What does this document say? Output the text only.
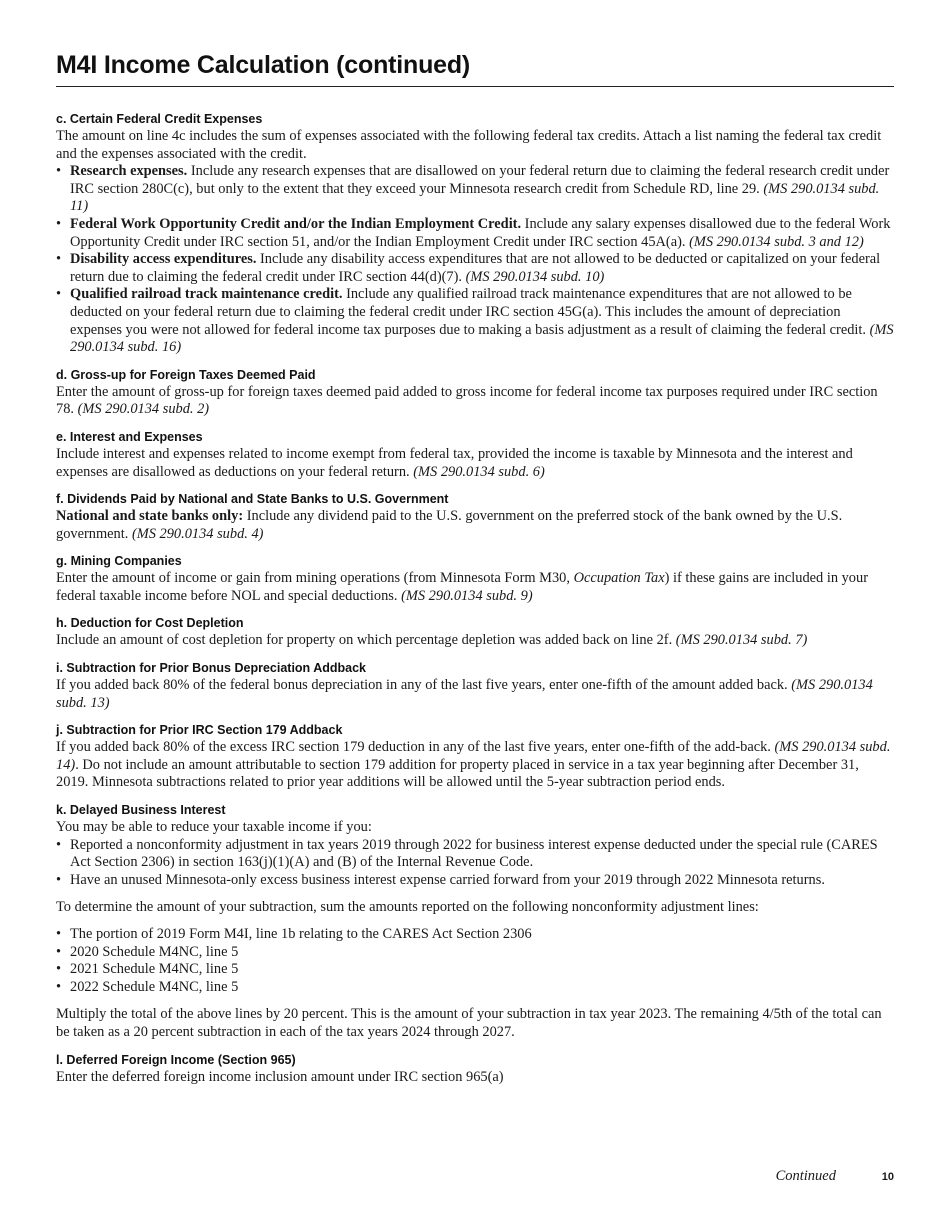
M4I Income Calculation (continued)

c. Certain Federal Credit Expenses

The amount on line 4c includes the sum of expenses associated with the following federal tax credits. Attach a list naming the federal tax credit and the expenses associated with the credit.

• Research expenses. Include any research expenses that are disallowed on your federal return due to claiming the federal research credit under IRC section 280C(c), but only to the extent that they exceed your Minnesota research credit from Schedule RD, line 29. (MS 290.0134 subd. 11)
• Federal Work Opportunity Credit and/or the Indian Employment Credit. Include any salary expenses disallowed due to the federal Work Opportunity Credit under IRC section 51, and/or the Indian Employment Credit under IRC section 45A(a). (MS 290.0134 subd. 3 and 12)
• Disability access expenditures. Include any disability access expenditures that are not allowed to be deducted or capitalized on your federal return due to claiming the federal credit under IRC section 44(d)(7). (MS 290.0134 subd. 10)
• Qualified railroad track maintenance credit. Include any qualified railroad track maintenance expenditures that are not allowed to be deducted on your federal return due to claiming the federal credit under IRC section 45G(a). This includes the amount of depreciation expenses you were not allowed for federal income tax purposes due to making a basis adjustment as a result of claiming the federal credit. (MS 290.0134 subd. 16)

d. Gross-up for Foreign Taxes Deemed Paid

Enter the amount of gross-up for foreign taxes deemed paid added to gross income for federal income tax purposes required under IRC section 78. (MS 290.0134 subd. 2)

e. Interest and Expenses

Include interest and expenses related to income exempt from federal tax, provided the income is taxable by Minnesota and the interest and expenses are disallowed as deductions on your federal return. (MS 290.0134 subd. 6)

f. Dividends Paid by National and State Banks to U.S. Government

National and state banks only: Include any dividend paid to the U.S. government on the preferred stock of the bank owned by the U.S. government. (MS 290.0134 subd. 4)

g. Mining Companies

Enter the amount of income or gain from mining operations (from Minnesota Form M30, Occupation Tax) if these gains are included in your federal taxable income before NOL and special deductions. (MS 290.0134 subd. 9)

h. Deduction for Cost Depletion

Include an amount of cost depletion for property on which percentage depletion was added back on line 2f. (MS 290.0134 subd. 7)

i. Subtraction for Prior Bonus Depreciation Addback

If you added back 80% of the federal bonus depreciation in any of the last five years, enter one-fifth of the amount added back. (MS 290.0134 subd. 13)

j. Subtraction for Prior IRC Section 179 Addback

If you added back 80% of the excess IRC section 179 deduction in any of the last five years, enter one-fifth of the add-back. (MS 290.0134 subd. 14). Do not include an amount attributable to section 179 addition for property placed in service in a tax year beginning after December 31, 2019. Minnesota subtractions related to prior year additions will be allowed until the 5-year subtraction period ends.

k. Delayed Business Interest

You may be able to reduce your taxable income if you:

• Reported a nonconformity adjustment in tax years 2019 through 2022 for business interest expense deducted under the special rule (CARES Act Section 2306) in section 163(j)(1)(A) and (B) of the Internal Revenue Code.
• Have an unused Minnesota-only excess business interest expense carried forward from your 2019 through 2022 Minnesota returns.

To determine the amount of your subtraction, sum the amounts reported on the following nonconformity adjustment lines:

• The portion of 2019 Form M4I, line 1b relating to the CARES Act Section 2306
• 2020 Schedule M4NC, line 5
• 2021 Schedule M4NC, line 5
• 2022 Schedule M4NC, line 5

Multiply the total of the above lines by 20 percent. This is the amount of your subtraction in tax year 2023. The remaining 4/5th of the total can be taken as a 20 percent subtraction in each of the tax years 2024 through 2027.

l. Deferred Foreign Income (Section 965)

Enter the deferred foreign income inclusion amount under IRC section 965(a)

Continued	10
